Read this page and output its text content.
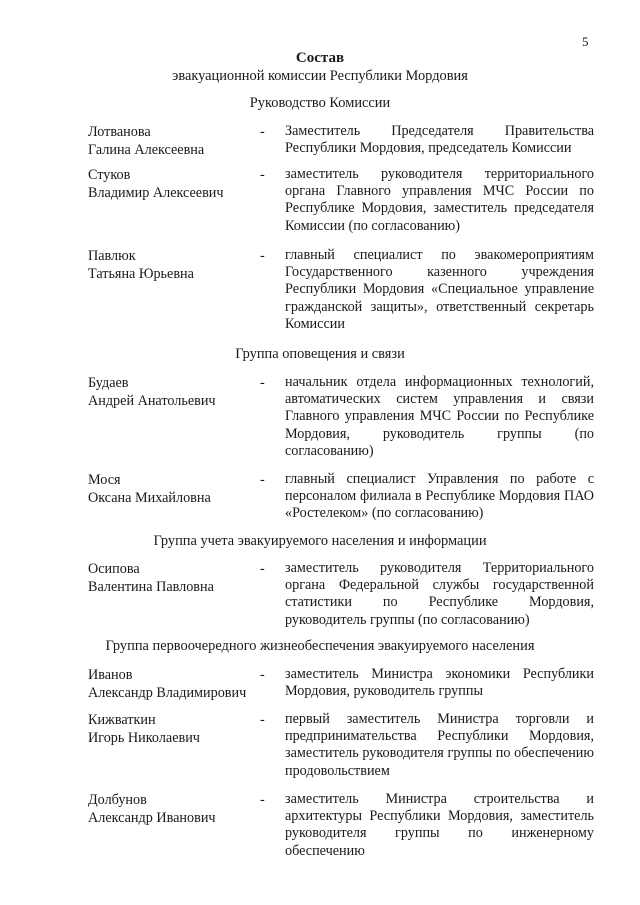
5
Состав
эвакуационной комиссии Республики Мордовия
Руководство Комиссии
Лотванова
Галина Алексеевна
- Заместитель Председателя Правительства Республики Мордовия, председатель Комиссии
Стуков
Владимир Алексеевич
- заместитель руководителя территориального органа Главного управления МЧС России по Республике Мордовия, заместитель председателя Комиссии (по согласованию)
Павлюк
Татьяна Юрьевна
- главный специалист по эвакомероприятиям Государственного казенного учреждения Республики Мордовия «Специальное управление гражданской защиты», ответственный секретарь Комиссии
Группа оповещения и связи
Будаев
Андрей Анатольевич
- начальник отдела информационных технологий, автоматических систем управления и связи Главного управления МЧС России по Республике Мордовия, руководитель группы (по согласованию)
Мося
Оксана Михайловна
- главный специалист Управления по работе с персоналом филиала в Республике Мордовия ПАО «Ростелеком» (по согласованию)
Группа учета эвакуируемого населения и информации
Осипова
Валентина Павловна
- заместитель руководителя Территориального органа Федеральной службы государственной статистики по Республике Мордовия, руководитель группы (по согласованию)
Группа первоочередного жизнеобеспечения эвакуируемого населения
Иванов
Александр Владимирович
- заместитель Министра экономики Республики Мордовия, руководитель группы
Кижваткин
Игорь Николаевич
- первый заместитель Министра торговли и предпринимательства Республики Мордовия, заместитель руководителя группы по обеспечению продовольствием
Долбунов
Александр Иванович
- заместитель Министра строительства и архитектуры Республики Мордовия, заместитель руководителя группы по инженерному обеспечению
